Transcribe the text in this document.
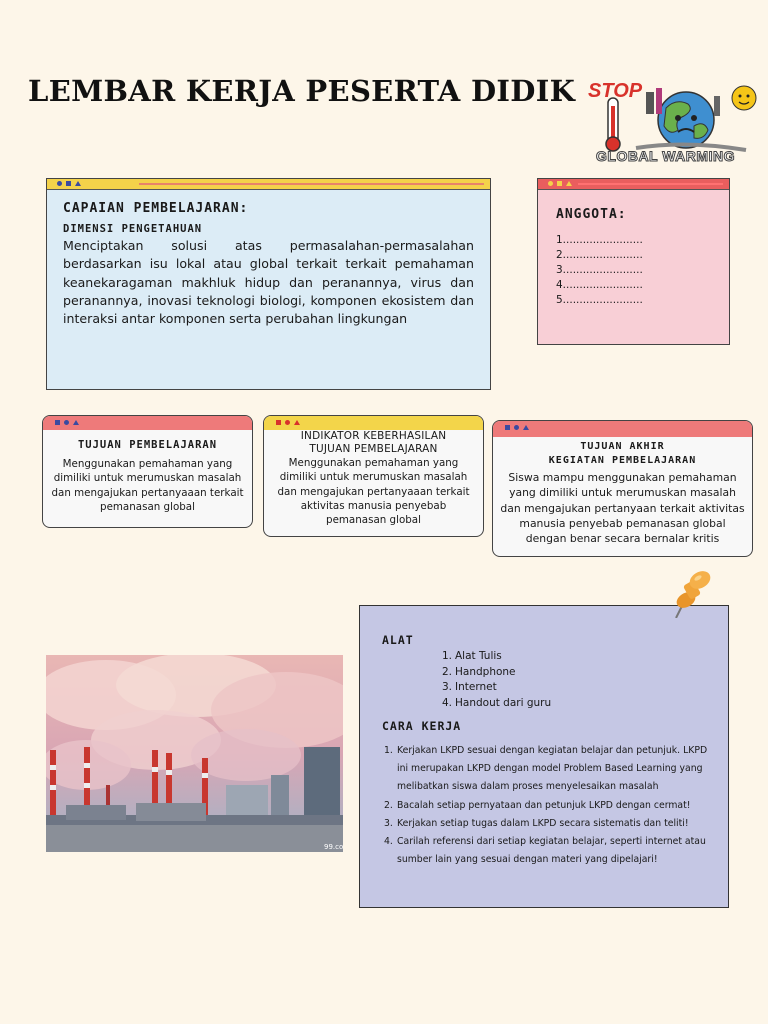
LEMBAR KERJA PESERTA DIDIK STOP
GLOBAL WARMING
CAPAIAN PEMBELAJARAN:
DIMENSI PENGETAHUAN
Menciptakan solusi atas permasalahan-permasalahan berdasarkan isu lokal atau global terkait terkait pemahaman keanekaragaman makhluk hidup dan peranannya, virus dan peranannya, inovasi teknologi biologi, komponen ekosistem dan interaksi antar komponen serta perubahan lingkungan
ANGGOTA:
1........................
2........................
3........................
4........................
5........................
TUJUAN PEMBELAJARAN
Menggunakan pemahaman yang dimiliki untuk merumuskan masalah dan mengajukan pertanyaaan terkait pemanasan global
INDIKATOR KEBERHASILAN
TUJUAN PEMBELAJARAN
Menggunakan pemahaman yang dimiliki untuk merumuskan masalah dan mengajukan pertanyaaan terkait aktivitas manusia penyebab pemanasan global
TUJUAN AKHIR
KEGIATAN PEMBELAJARAN
Siswa mampu menggunakan pemahaman yang dimiliki untuk merumuskan masalah dan mengajukan pertanyaan terkait aktivitas manusia penyebab pemanasan global dengan benar secara bernalar kritis
99.co
ALAT
1. Alat Tulis
2. Handphone
3. Internet
4. Handout dari guru
CARA KERJA
1. Kerjakan LKPD sesuai dengan kegiatan belajar dan petunjuk. LKPD ini merupakan LKPD dengan model Problem Based Learning yang melibatkan siswa dalam proses menyelesaikan masalah
2. Bacalah setiap pernyataan dan petunjuk LKPD dengan cermat!
3. Kerjakan setiap tugas dalam LKPD secara sistematis dan teliti!
4. Carilah referensi dari setiap kegiatan belajar, seperti internet atau sumber lain yang sesuai dengan materi yang dipelajari!
